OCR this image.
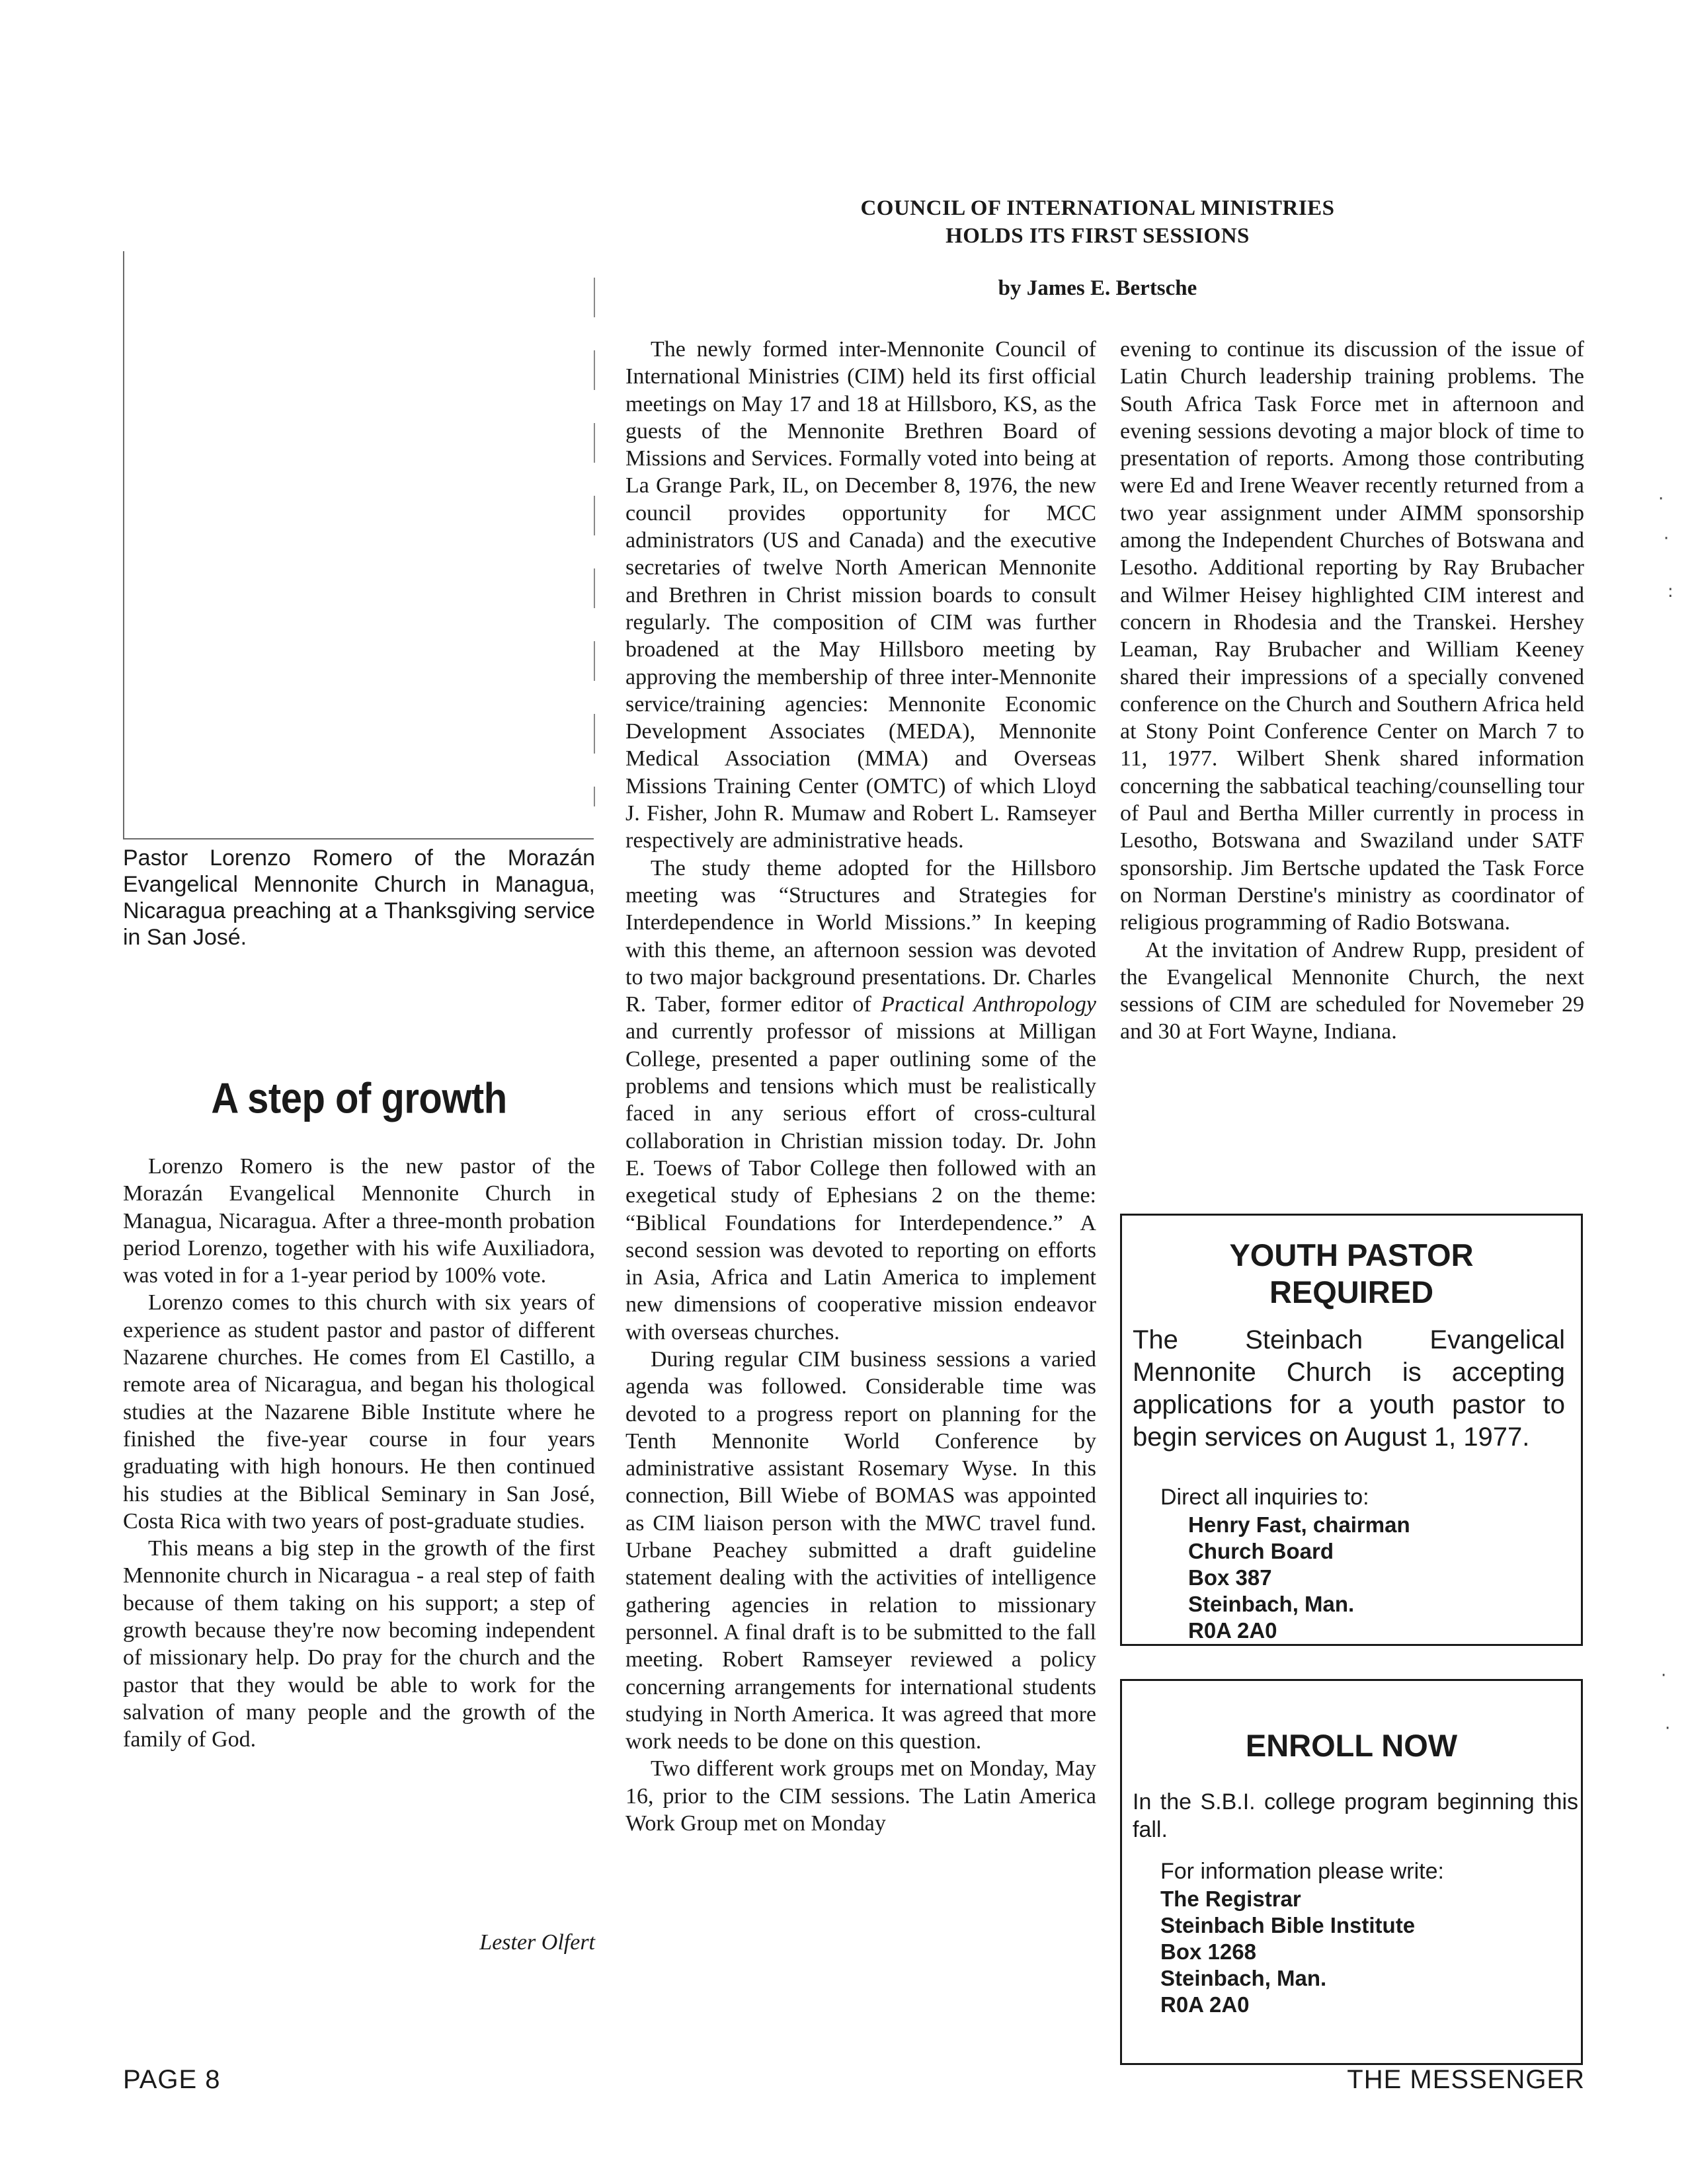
Pastor Lorenzo Romero of the Morazán Evangelical Mennonite Church in Managua, Nicaragua preaching at a Thanksgiving service in San José.
A step of growth

Lorenzo Romero is the new pastor of the Morazán Evangelical Mennonite Church in Managua, Nicaragua. After a three-month probation period Lorenzo, together with his wife Auxiliadora, was voted in for a 1-year period by 100% vote.

Lorenzo comes to this church with six years of experience as student pastor and pastor of different Nazarene churches. He comes from El Castillo, a remote area of Nicaragua, and began his thological studies at the Nazarene Bible Institute where he finished the five-year course in four years graduating with high honours. He then continued his studies at the Biblical Seminary in San José, Costa Rica with two years of post-graduate studies.

This means a big step in the growth of the first Mennonite church in Nicaragua - a real step of faith because of them taking on his support; a step of growth because they're now becoming independent of missionary help. Do pray for the church and the pastor that they would be able to work for the salvation of many people and the growth of the family of God.

Lester Olfert
COUNCIL OF INTERNATIONAL MINISTRIES
HOLDS ITS FIRST SESSIONS
by James E. Bertsche

The newly formed inter-Mennonite Council of International Ministries (CIM) held its first official meetings on May 17 and 18 at Hillsboro, KS, as the guests of the Mennonite Brethren Board of Missions and Services. Formally voted into being at La Grange Park, IL, on December 8, 1976, the new council provides opportunity for MCC administrators (US and Canada) and the executive secretaries of twelve North American Mennonite and Brethren in Christ mission boards to consult regularly. The composition of CIM was further broadened at the May Hillsboro meeting by approving the membership of three inter-Mennonite service/training agencies: Mennonite Economic Development Associates (MEDA), Mennonite Medical Association (MMA) and Overseas Missions Training Center (OMTC) of which Lloyd J. Fisher, John R. Mumaw and Robert L. Ramseyer respectively are administrative heads.

The study theme adopted for the Hillsboro meeting was “Structures and Strategies for Interdependence in World Missions.” In keeping with this theme, an afternoon session was devoted to two major background presentations. Dr. Charles R. Taber, former editor of Practical Anthropology and currently professor of missions at Milligan College, presented a paper outlining some of the problems and tensions which must be realistically faced in any serious effort of cross-cultural collaboration in Christian mission today. Dr. John E. Toews of Tabor College then followed with an exegetical study of Ephesians 2 on the theme: “Biblical Foundations for Interdependence.” A second session was devoted to reporting on efforts in Asia, Africa and Latin America to implement new dimensions of cooperative mission endeavor with overseas churches.

During regular CIM business sessions a varied agenda was followed. Considerable time was devoted to a progress report on planning for the Tenth Mennonite World Conference by administrative assistant Rosemary Wyse. In this connection, Bill Wiebe of BOMAS was appointed as CIM liaison person with the MWC travel fund. Urbane Peachey submitted a draft guideline statement dealing with the activities of intelligence gathering agencies in relation to missionary personnel. A final draft is to be submitted to the fall meeting. Robert Ramseyer reviewed a policy concerning arrangements for international students studying in North America. It was agreed that more work needs to be done on this question.

Two different work groups met on Monday, May 16, prior to the CIM sessions. The Latin America Work Group met on Monday

evening to continue its discussion of the issue of Latin Church leadership training problems. The South Africa Task Force met in afternoon and evening sessions devoting a major block of time to presentation of reports. Among those contributing were Ed and Irene Weaver recently returned from a two year assignment under AIMM sponsorship among the Independent Churches of Botswana and Lesotho. Additional reporting by Ray Brubacher and Wilmer Heisey highlighted CIM interest and concern in Rhodesia and the Transkei. Hershey Leaman, Ray Brubacher and William Keeney shared their impressions of a specially convened conference on the Church and Southern Africa held at Stony Point Conference Center on March 7 to 11, 1977. Wilbert Shenk shared information concerning the sabbatical teaching/counselling tour of Paul and Bertha Miller currently in process in Lesotho, Botswana and Swaziland under SATF sponsorship. Jim Bertsche updated the Task Force on Norman Derstine's ministry as coordinator of religious programming of Radio Botswana.

At the invitation of Andrew Rupp, president of the Evangelical Mennonite Church, the next sessions of CIM are scheduled for Novemeber 29 and 30 at Fort Wayne, Indiana.

YOUTH PASTOR
REQUIRED
The Steinbach Evangelical Mennonite Church is accepting applications for a youth pastor to begin services on August 1, 1977.
Direct all inquiries to:
Henry Fast, chairman
Church Board
Box 387
Steinbach, Man.
R0A 2A0
ENROLL NOW
In the S.B.I. college program beginning this fall.
For information please write:
The Registrar
Steinbach Bible Institute
Box 1268
Steinbach, Man.
R0A 2A0
PAGE 8	THE MESSENGER
·
·
:
·
·
